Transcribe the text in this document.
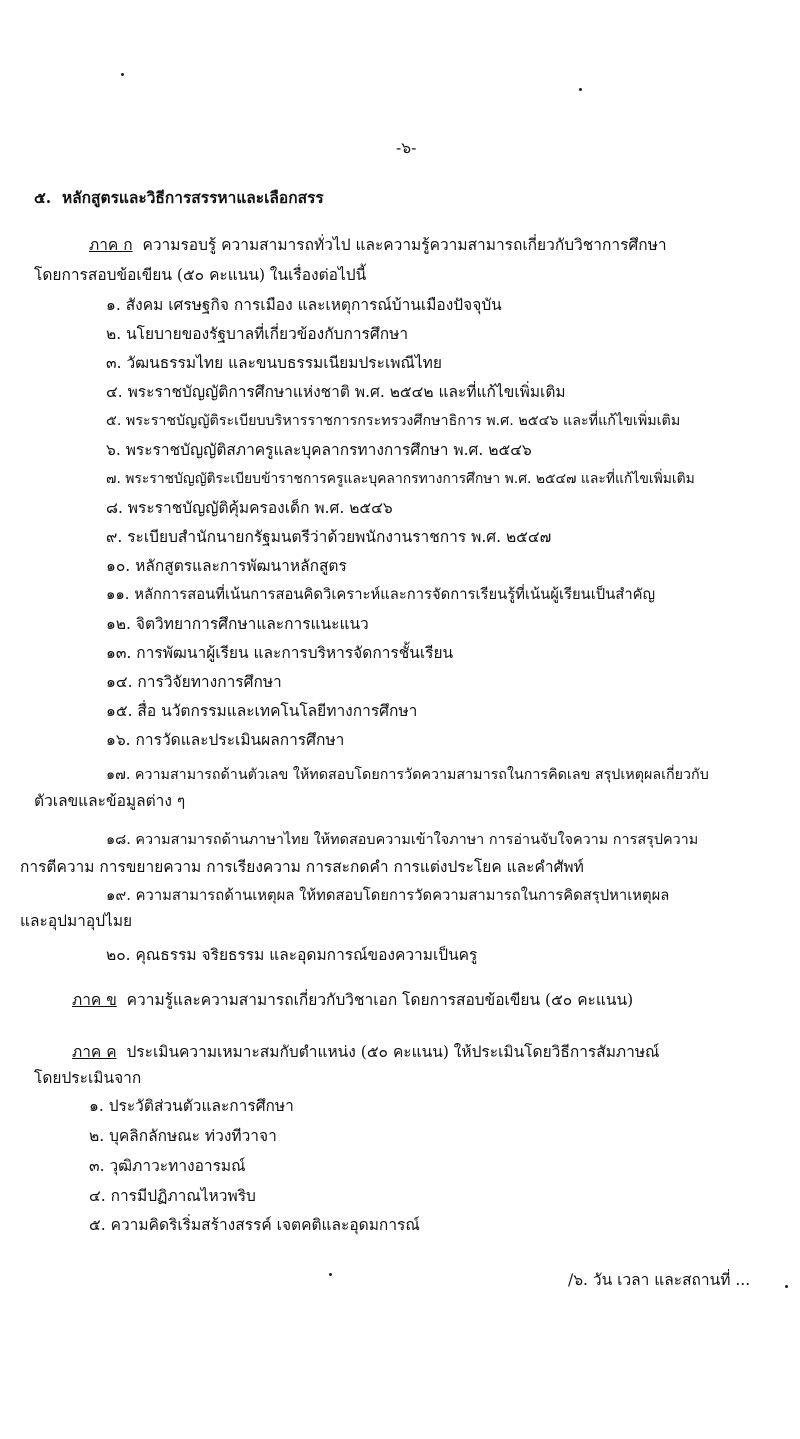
-๖-
๕. หลักสูตรและวิธีการสรรหาและเลือกสรร
ภาค ก ความรอบรู้ ความสามารถทั่วไป และความรู้ความสามารถเกี่ยวกับวิชาการศึกษา
โดยการสอบข้อเขียน (๕๐ คะแนน) ในเรื่องต่อไปนี้
๑. สังคม เศรษฐกิจ การเมือง และเหตุการณ์บ้านเมืองปัจจุบัน
๒. นโยบายของรัฐบาลที่เกี่ยวข้องกับการศึกษา
๓. วัฒนธรรมไทย และขนบธรรมเนียมประเพณีไทย
๔. พระราชบัญญัติการศึกษาแห่งชาติ พ.ศ. ๒๕๔๒ และที่แก้ไขเพิ่มเติม
๕. พระราชบัญญัติระเบียบบริหารราชการกระทรวงศึกษาธิการ พ.ศ. ๒๕๔๖ และที่แก้ไขเพิ่มเติม
๖. พระราชบัญญัติสภาครูและบุคลากรทางการศึกษา พ.ศ. ๒๕๔๖
๗. พระราชบัญญัติระเบียบข้าราชการครูและบุคลากรทางการศึกษา พ.ศ. ๒๕๔๗ และที่แก้ไขเพิ่มเติม
๘. พระราชบัญญัติคุ้มครองเด็ก พ.ศ. ๒๕๔๖
๙. ระเบียบสำนักนายกรัฐมนตรีว่าด้วยพนักงานราชการ พ.ศ. ๒๕๔๗
๑๐. หลักสูตรและการพัฒนาหลักสูตร
๑๑. หลักการสอนที่เน้นการสอนคิดวิเคราะห์และการจัดการเรียนรู้ที่เน้นผู้เรียนเป็นสำคัญ
๑๒. จิตวิทยาการศึกษาและการแนะแนว
๑๓. การพัฒนาผู้เรียน และการบริหารจัดการชั้นเรียน
๑๔. การวิจัยทางการศึกษา
๑๕. สื่อ นวัตกรรมและเทคโนโลยีทางการศึกษา
๑๖. การวัดและประเมินผลการศึกษา
๑๗. ความสามารถด้านตัวเลข ให้ทดสอบโดยการวัดความสามารถในการคิดเลข สรุปเหตุผลเกี่ยวกับ
ตัวเลขและข้อมูลต่าง ๆ
๑๘. ความสามารถด้านภาษาไทย ให้ทดสอบความเข้าใจภาษา การอ่านจับใจความ การสรุปความ
การตีความ การขยายความ การเรียงความ การสะกดคำ การแต่งประโยค และคำศัพท์
๑๙. ความสามารถด้านเหตุผล ให้ทดสอบโดยการวัดความสามารถในการคิดสรุปหาเหตุผล
และอุปมาอุปไมย
๒๐. คุณธรรม จริยธรรม และอุดมการณ์ของความเป็นครู
ภาค ข ความรู้และความสามารถเกี่ยวกับวิชาเอก โดยการสอบข้อเขียน (๕๐ คะแนน)
ภาค ค ประเมินความเหมาะสมกับตำแหน่ง (๕๐ คะแนน) ให้ประเมินโดยวิธีการสัมภาษณ์
โดยประเมินจาก
๑. ประวัติส่วนตัวและการศึกษา
๒. บุคลิกลักษณะ ท่วงทีวาจา
๓. วุฒิภาวะทางอารมณ์
๔. การมีปฏิภาณไหวพริบ
๕. ความคิดริเริ่มสร้างสรรค์ เจตคติและอุดมการณ์
/๖. วัน เวลา และสถานที่ ...
